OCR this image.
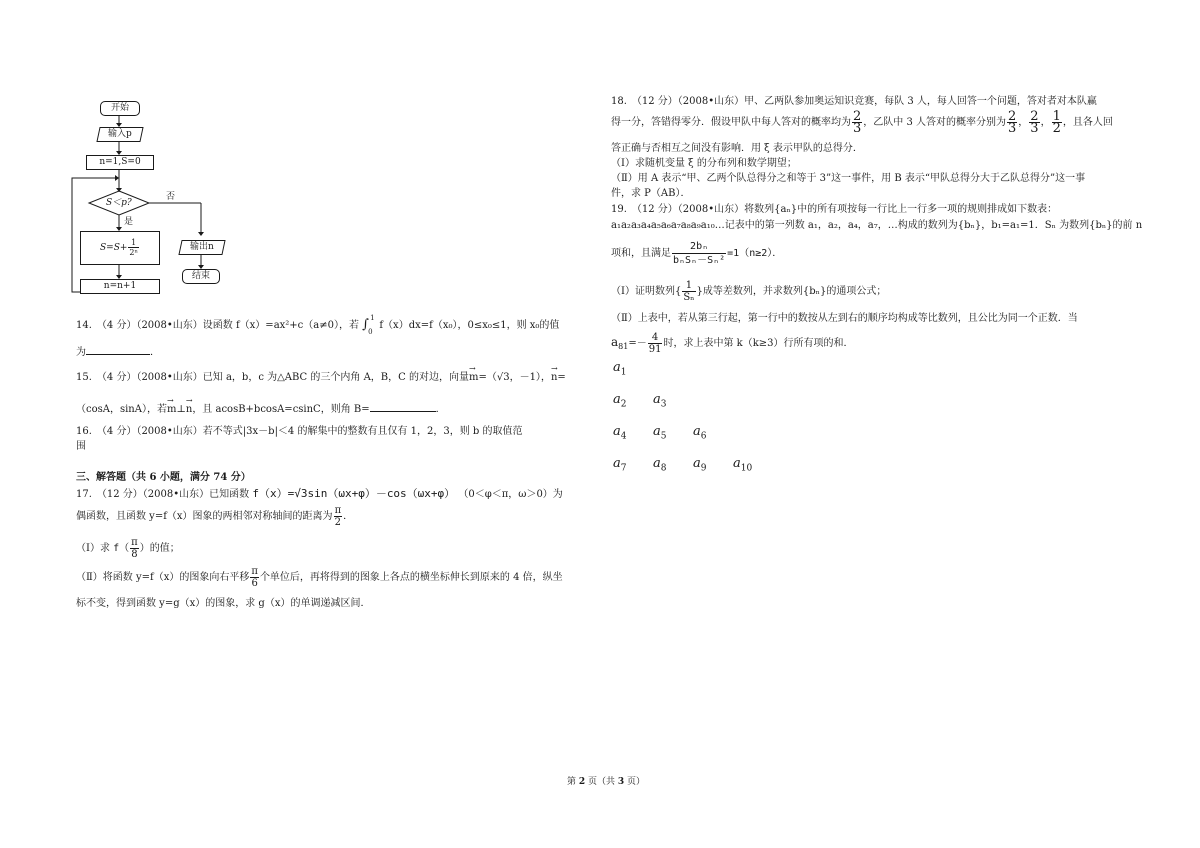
开始
输入p
n=1,S=0
S＜p?
否
是
$S=S+ \frac{1}{\text{2ⁿ}}$	输出n
结束
n=n+1
14.　（4 分）（2008•山东）设函数 f（x）=ax²+c（a≠0），若 ∫ 1
0
f（x）dx=f（x₀），0≤x₀≤1，则 x₀的值
为	．
15.　（4 分）（2008•山东）已知 a，b，c 为△ABC 的三个内角 A，B，C 的对边，向量→ m=（√3，－1），→ n=
（cosA，sinA），若→ m⊥→ n，且 acosB+bcosA=csinC，则角 B=	．
16.　（4 分）（2008•山东）若不等式|3x－b|＜4 的解集中的整数有且仅有 1，2，3，则 b 的取值范
围
三、解答题（共 6 小题，满分 74 分）
17.　（12 分）（2008•山东）已知函数 f（x）=√3sin（ωx+φ）－cos（ωx+φ） （0＜φ＜π，ω＞0）为
偶函数，且函数 y=f（x）图象的两相邻对称轴间的距离为 $\frac{\pi}{2}$ ．
（Ⅰ）求 $f( \frac{\pi}{8}$ ）的值；
（Ⅱ）将函数 y=f（x）的图象向右平移 $\frac{\pi}{6}$ 个单位后，再将得到的图象上各点的横坐标伸长到原来的 4 倍，纵坐
标不变，得到函数 y=g（x）的图象，求 g（x）的单调递减区间．
18.　（12 分）（2008•山东）甲、乙两队参加奥运知识竞赛，每队 3 人，每人回答一个问题，答对者对本队赢
得一分，答错得零分．假设甲队中每人答对的概率均为 $\frac{2}{3}$ ，乙队中 3 人答对的概率分别为 $\frac{2}{3}$ ， $\frac{2}{3}$ ， $\frac{1}{2}$ ，且各人回
答正确与否相互之间没有影响．用 ξ 表示甲队的总得分．
（Ⅰ）求随机变量 ξ 的分布列和数学期望；
（Ⅱ）用 A 表示“甲、乙两个队总得分之和等于 3”这一事件，用 B 表示“甲队总得分大于乙队总得分”这一事
件，求 P（AB）．
19.　（12 分）（2008•山东）将数列{aₙ}中的所有项按每一行比上一行多一项的规则排成如下数表：
a₁a₂a₃a₄a₅a₆a₇a₈a₉a₁₀…记表中的第一列数 a₁，a₂，a₄，a₇，…构成的数列为{bₙ}，b₁=a₁=1．Sₙ 为数列{bₙ}的前 n
项和，且满足 $\frac{\text{2bₙ}}{\text{bₙSₙ－Sₙ²}} =1(n\ge 2)$．
（Ⅰ）证明数列{ $\frac{1}{\text{Sₙ}}$ }成等差数列，并求数列{bₙ}的通项公式；
（Ⅱ）上表中，若从第三行起，第一行中的数按从左到右的顺序均构成等比数列，且公比为同一个正数．当
$a_{81}=- \frac{4}{91}$ 时，求上表中第 k（k≥3）行所有项的和．
$a_1$
$a_2$ $a_3$
$a_4$ $a_5$ $a_6$
$a_7$ $a_8$ $a_9$ $a_{10}$
第 2 页（共 3 页）
